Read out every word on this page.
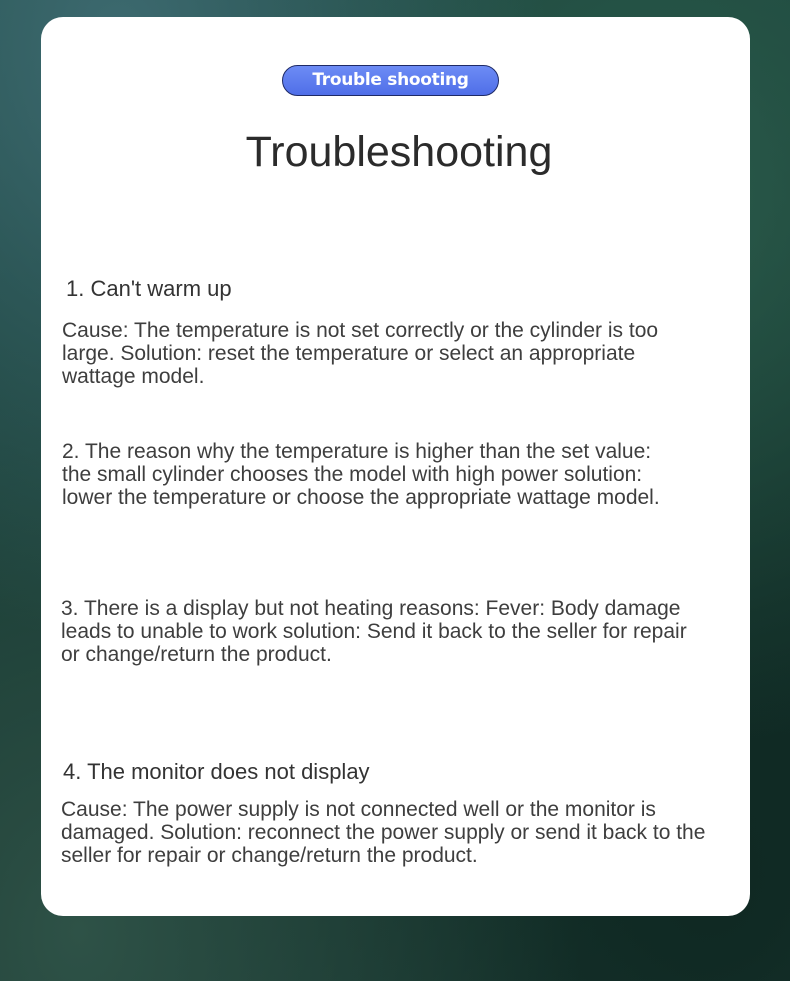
Trouble shooting
Troubleshooting

1. Can't warm up

Cause: The temperature is not set correctly or the cylinder is too large. Solution: reset the temperature or select an appropriate wattage model.

2. The reason why the temperature is higher than the set value: the small cylinder chooses the model with high power solution: lower the temperature or choose the appropriate wattage model.

3. There is a display but not heating reasons: Fever: Body damage leads to unable to work solution: Send it back to the seller for repair or change/return the product.

4. The monitor does not display

Cause: The power supply is not connected well or the monitor is damaged. Solution: reconnect the power supply or send it back to the seller for repair or change/return the product.
